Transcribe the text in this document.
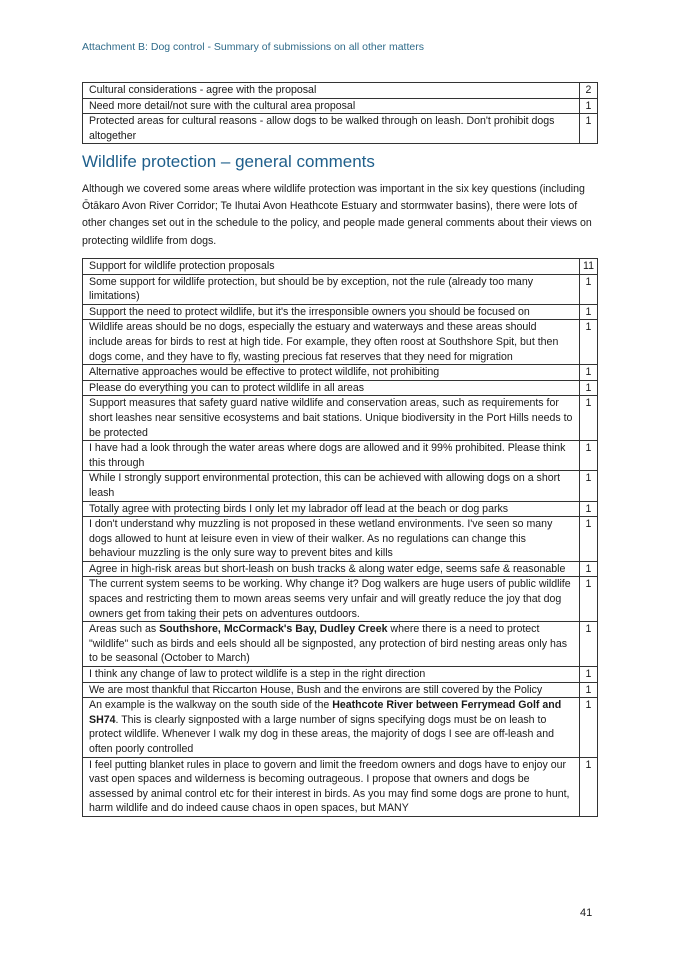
Attachment B: Dog control - Summary of submissions on all other matters
Cultural considerations - agree with the proposal	2
Need more detail/not sure with the cultural area proposal	1
Protected areas for cultural reasons - allow dogs to be walked through on leash. Don't prohibit dogs altogether	1
Wildlife protection – general comments

Although we covered some areas where wildlife protection was important in the six key questions (including Ōtākaro Avon River Corridor; Te Ihutai Avon Heathcote Estuary and stormwater basins), there were lots of other changes set out in the schedule to the policy, and people made general comments about their views on protecting wildlife from dogs.

Support for wildlife protection proposals	11
Some support for wildlife protection, but should be by exception, not the rule (already too many limitations)	1
Support the need to protect wildlife, but it's the irresponsible owners you should be focused on	1
Wildlife areas should be no dogs, especially the estuary and waterways and these areas should include areas for birds to rest at high tide. For example, they often roost at Southshore Spit, but then dogs come, and they have to fly, wasting precious fat reserves that they need for migration	1
Alternative approaches would be effective to protect wildlife, not prohibiting	1
Please do everything you can to protect wildlife in all areas	1
Support measures that safety guard native wildlife and conservation areas, such as requirements for short leashes near sensitive ecosystems and bait stations. Unique biodiversity in the Port Hills needs to be protected	1
I have had a look through the water areas where dogs are allowed and it 99% prohibited. Please think this through	1
While I strongly support environmental protection, this can be achieved with allowing dogs on a short leash	1
Totally agree with protecting birds I only let my labrador off lead at the beach or dog parks	1
I don't understand why muzzling is not proposed in these wetland environments. I've seen so many dogs allowed to hunt at leisure even in view of their walker. As no regulations can change this behaviour muzzling is the only sure way to prevent bites and kills	1
Agree in high-risk areas but short-leash on bush tracks & along water edge, seems safe & reasonable	1
The current system seems to be working. Why change it? Dog walkers are huge users of public wildlife spaces and restricting them to mown areas seems very unfair and will greatly reduce the joy that dog owners get from taking their pets on adventures outdoors.	1
Areas such as Southshore, McCormack's Bay, Dudley Creek where there is a need to protect "wildlife" such as birds and eels should all be signposted, any protection of bird nesting areas only has to be seasonal (October to March)	1
I think any change of law to protect wildlife is a step in the right direction	1
We are most thankful that Riccarton House, Bush and the environs are still covered by the Policy	1
An example is the walkway on the south side of the Heathcote River between Ferrymead Golf and SH74. This is clearly signposted with a large number of signs specifying dogs must be on leash to protect wildlife. Whenever I walk my dog in these areas, the majority of dogs I see are off-leash and often poorly controlled	1
I feel putting blanket rules in place to govern and limit the freedom owners and dogs have to enjoy our vast open spaces and wilderness is becoming outrageous. I propose that owners and dogs be assessed by animal control etc for their interest in birds. As you may find some dogs are prone to hunt, harm wildlife and do indeed cause chaos in open spaces, but MANY	1
41
